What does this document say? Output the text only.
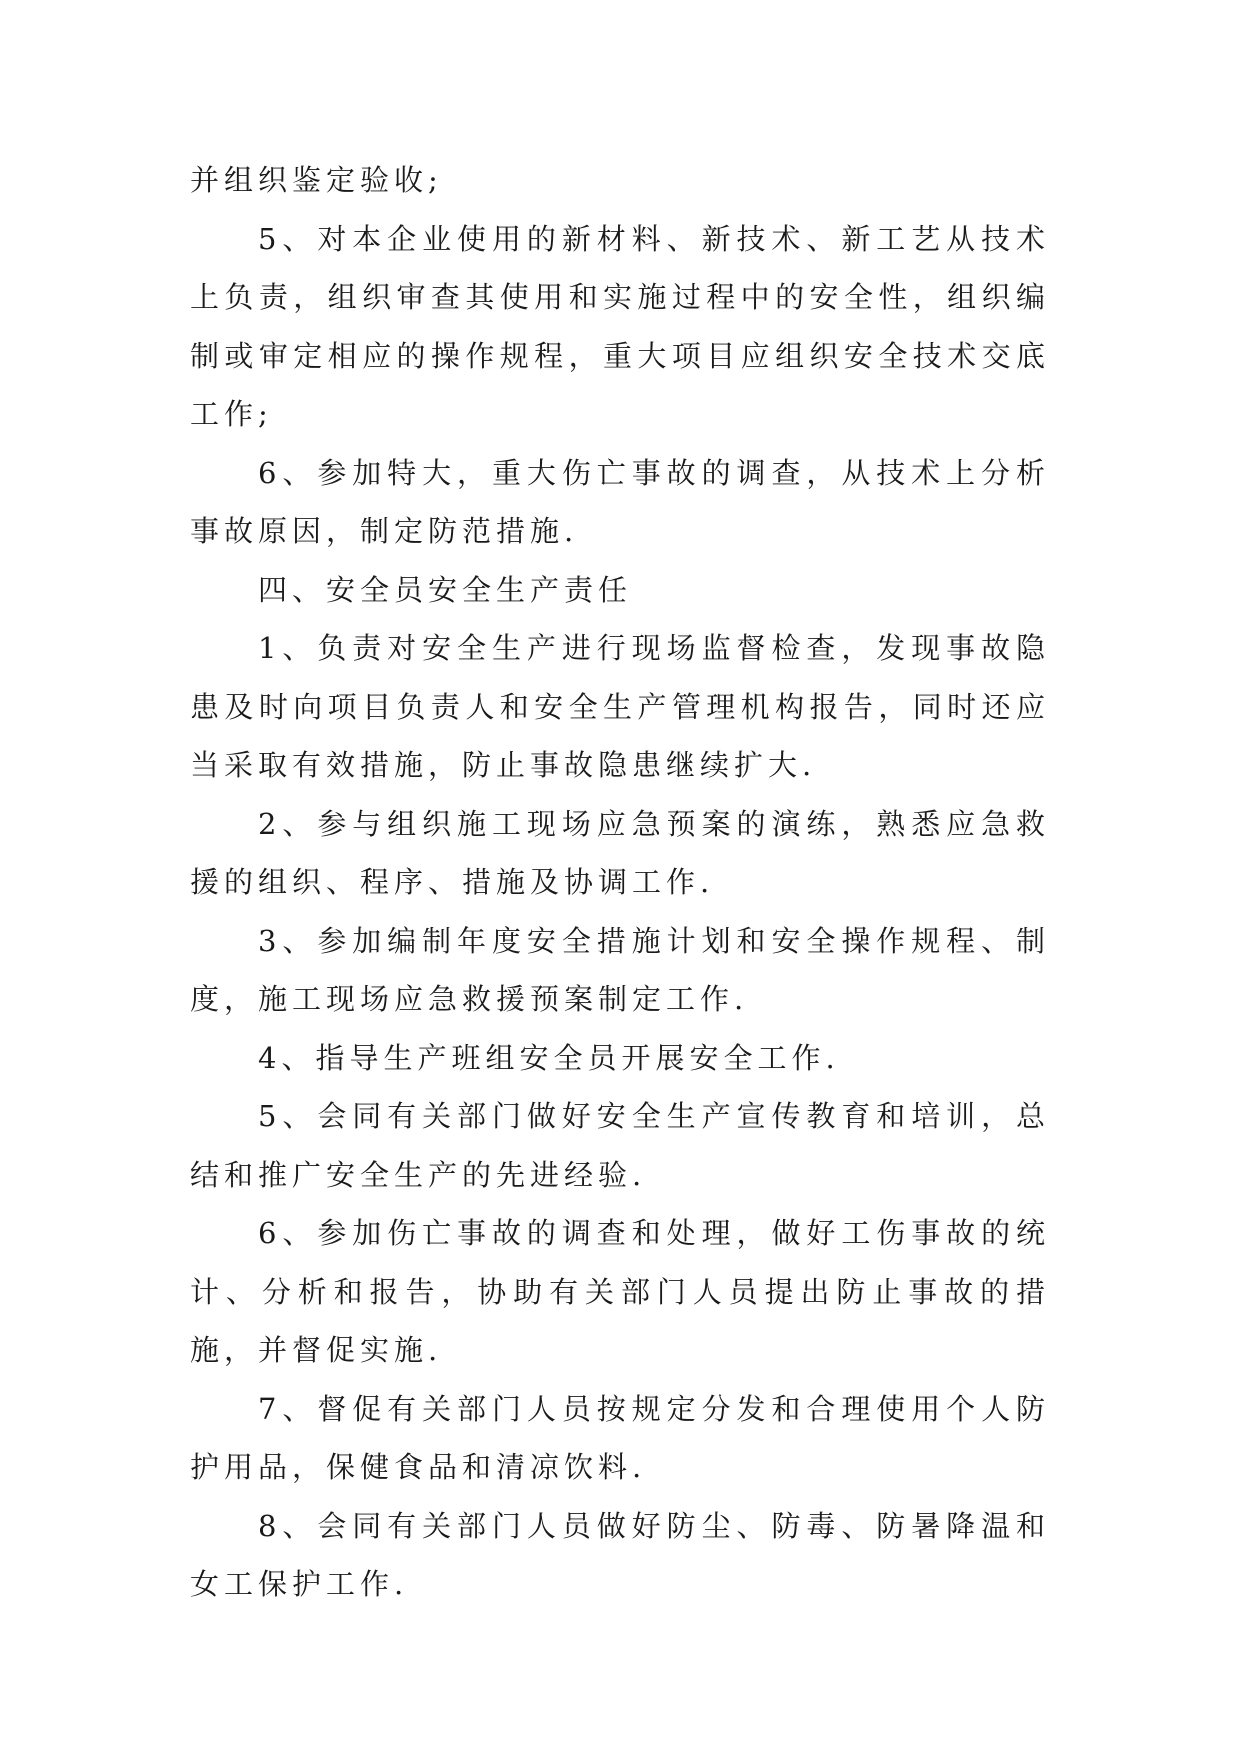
并组织鉴定验收;

5、对本企业使用的新材料、新技术、新工艺从技术上负责，组织审查其使用和实施过程中的安全性，组织编制或审定相应的操作规程，重大项目应组织安全技术交底工作;

6、参加特大，重大伤亡事故的调查，从技术上分析事故原因，制定防范措施.

四、安全员安全生产责任

1、负责对安全生产进行现场监督检查，发现事故隐患及时向项目负责人和安全生产管理机构报告，同时还应当采取有效措施，防止事故隐患继续扩大.

2、参与组织施工现场应急预案的演练，熟悉应急救援的组织、程序、措施及协调工作.

3、参加编制年度安全措施计划和安全操作规程、制度，施工现场应急救援预案制定工作.

4、指导生产班组安全员开展安全工作.

5、会同有关部门做好安全生产宣传教育和培训，总结和推广安全生产的先进经验.

6、参加伤亡事故的调查和处理，做好工伤事故的统计、分析和报告，协助有关部门人员提出防止事故的措施，并督促实施.

7、督促有关部门人员按规定分发和合理使用个人防护用品，保健食品和清凉饮料.

8、会同有关部门人员做好防尘、防毒、防暑降温和女工保护工作.
